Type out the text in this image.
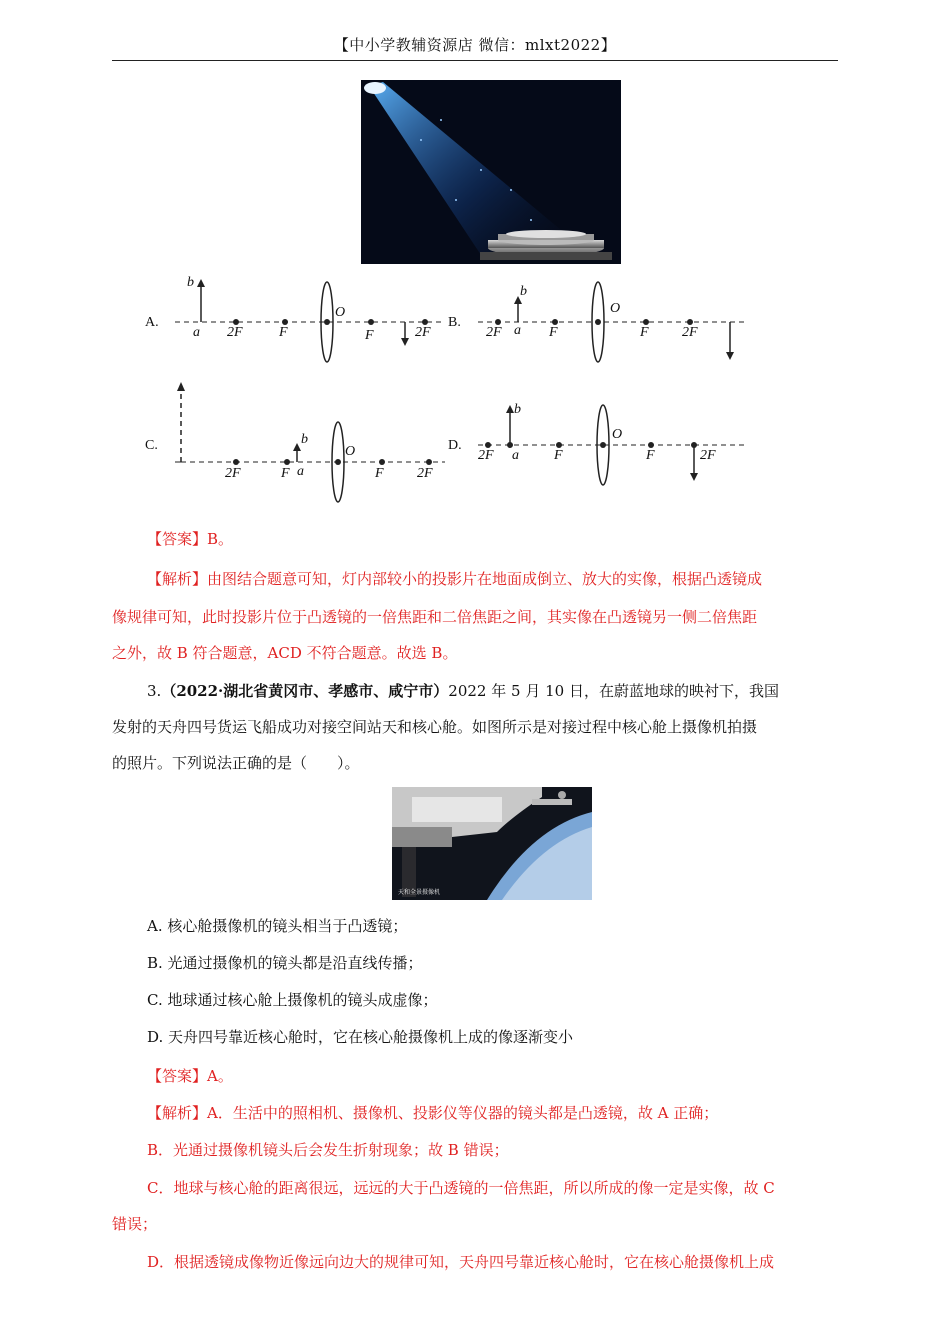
【中小学教辅资源店 微信：mlxt2022】
A.
b
a 2F	F
O
F	2F
B.
b
2F a F
O
F 2F
C.	b
2F	F a
O
F 2F
D.
b
2F a	F
O
F	2F
【答案】B。
【解析】由图结合题意可知，灯内部较小的投影片在地面成倒立、放大的实像，根据凸透镜成
像规律可知，此时投影片位于凸透镜的一倍焦距和二倍焦距之间，其实像在凸透镜另一侧二倍焦距
之外，故 B 符合题意，ACD 不符合题意。故选 B。
3.（2022·湖北省黄冈市、孝感市、咸宁市）2022 年 5 月 10 日，在蔚蓝地球的映衬下，我国
发射的天舟四号货运飞船成功对接空间站天和核心舱。如图所示是对接过程中核心舱上摄像机拍摄
的照片。下列说法正确的是（　　）。
天和全景摄像机
A. 核心舱摄像机的镜头相当于凸透镜；
B. 光通过摄像机的镜头都是沿直线传播；
C. 地球通过核心舱上摄像机的镜头成虚像；
D. 天舟四号靠近核心舱时，它在核心舱摄像机上成的像逐渐变小
【答案】A。
【解析】A．生活中的照相机、摄像机、投影仪等仪器的镜头都是凸透镜，故 A 正确；
B．光通过摄像机镜头后会发生折射现象；故 B 错误；
C．地球与核心舱的距离很远，远远的大于凸透镜的一倍焦距，所以所成的像一定是实像，故 C
错误；
D．根据透镜成像物近像远向边大的规律可知，天舟四号靠近核心舱时，它在核心舱摄像机上成
